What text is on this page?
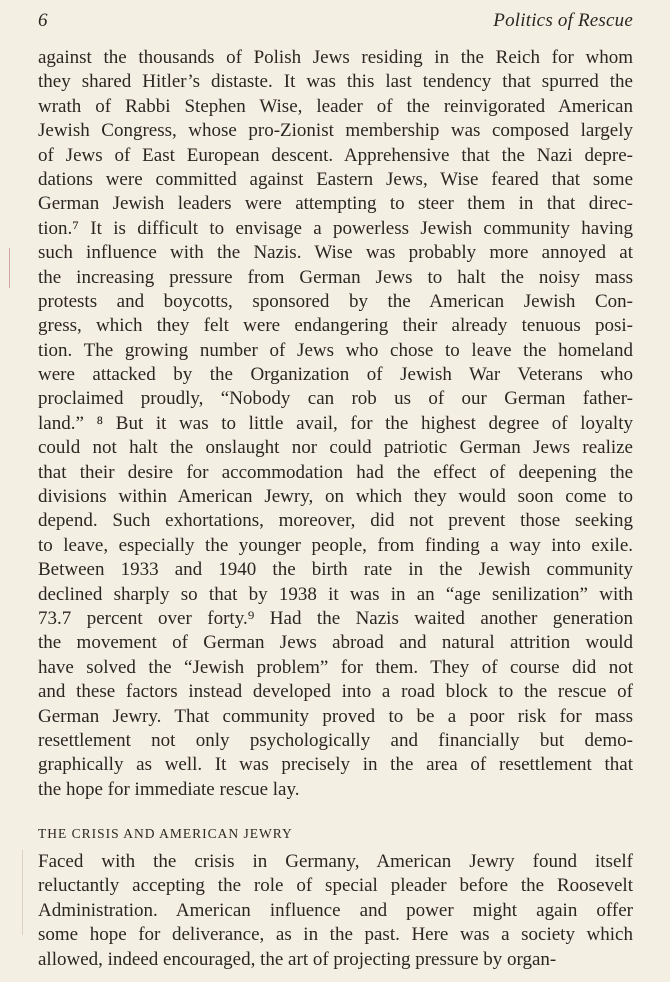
6	Politics of Rescue
against the thousands of Polish Jews residing in the Reich for whom
they shared Hitler’s distaste. It was this last tendency that spurred the
wrath of Rabbi Stephen Wise, leader of the reinvigorated American
Jewish Congress, whose pro-Zionist membership was composed largely
of Jews of East European descent. Apprehensive that the Nazi depre-
dations were committed against Eastern Jews, Wise feared that some
German Jewish leaders were attempting to steer them in that direc-
tion.⁷ It is difficult to envisage a powerless Jewish community having
such influence with the Nazis. Wise was probably more annoyed at
the increasing pressure from German Jews to halt the noisy mass
protests and boycotts, sponsored by the American Jewish Con-
gress, which they felt were endangering their already tenuous posi-
tion. The growing number of Jews who chose to leave the homeland
were attacked by the Organization of Jewish War Veterans who
proclaimed proudly, “Nobody can rob us of our German father-
land.” ⁸ But it was to little avail, for the highest degree of loyalty
could not halt the onslaught nor could patriotic German Jews realize
that their desire for accommodation had the effect of deepening the
divisions within American Jewry, on which they would soon come to
depend. Such exhortations, moreover, did not prevent those seeking
to leave, especially the younger people, from finding a way into exile.
Between 1933 and 1940 the birth rate in the Jewish community
declined sharply so that by 1938 it was in an “age senilization” with
73.7 percent over forty.⁹ Had the Nazis waited another generation
the movement of German Jews abroad and natural attrition would
have solved the “Jewish problem” for them. They of course did not
and these factors instead developed into a road block to the rescue of
German Jewry. That community proved to be a poor risk for mass
resettlement not only psychologically and financially but demo-
graphically as well. It was precisely in the area of resettlement that
the hope for immediate rescue lay.
THE CRISIS AND AMERICAN JEWRY
Faced with the crisis in Germany, American Jewry found itself
reluctantly accepting the role of special pleader before the Roosevelt
Administration. American influence and power might again offer
some hope for deliverance, as in the past. Here was a society which
allowed, indeed encouraged, the art of projecting pressure by organ-
